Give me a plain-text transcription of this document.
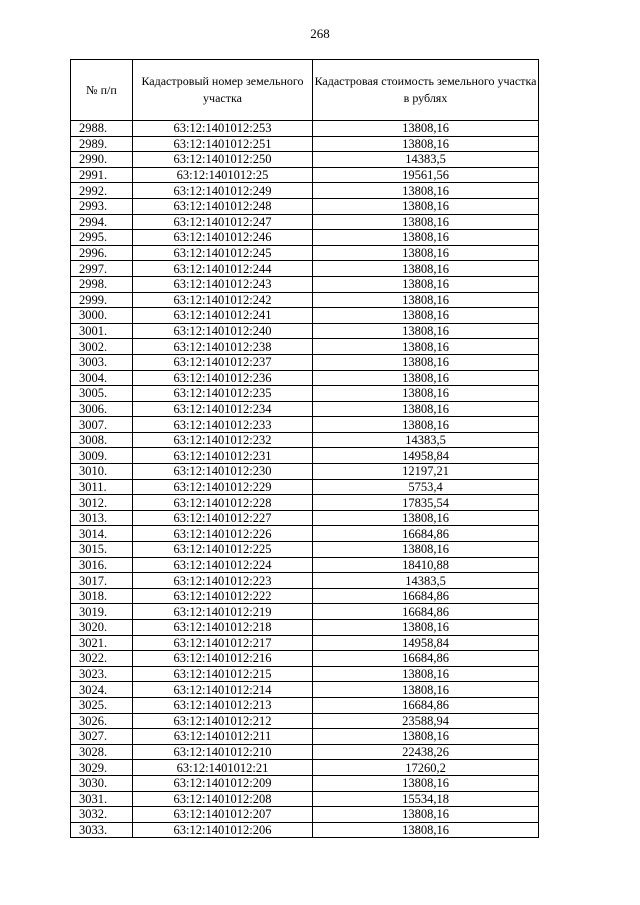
268
№ п/п	Кадастровый номер земельного участка	Кадастровая стоимость земельного участка в рублях
2988.	63:12:1401012:253	13808,16
2989.	63:12:1401012:251	13808,16
2990.	63:12:1401012:250	14383,5
2991.	63:12:1401012:25	19561,56
2992.	63:12:1401012:249	13808,16
2993.	63:12:1401012:248	13808,16
2994.	63:12:1401012:247	13808,16
2995.	63:12:1401012:246	13808,16
2996.	63:12:1401012:245	13808,16
2997.	63:12:1401012:244	13808,16
2998.	63:12:1401012:243	13808,16
2999.	63:12:1401012:242	13808,16
3000.	63:12:1401012:241	13808,16
3001.	63:12:1401012:240	13808,16
3002.	63:12:1401012:238	13808,16
3003.	63:12:1401012:237	13808,16
3004.	63:12:1401012:236	13808,16
3005.	63:12:1401012:235	13808,16
3006.	63:12:1401012:234	13808,16
3007.	63:12:1401012:233	13808,16
3008.	63:12:1401012:232	14383,5
3009.	63:12:1401012:231	14958,84
3010.	63:12:1401012:230	12197,21
3011.	63:12:1401012:229	5753,4
3012.	63:12:1401012:228	17835,54
3013.	63:12:1401012:227	13808,16
3014.	63:12:1401012:226	16684,86
3015.	63:12:1401012:225	13808,16
3016.	63:12:1401012:224	18410,88
3017.	63:12:1401012:223	14383,5
3018.	63:12:1401012:222	16684,86
3019.	63:12:1401012:219	16684,86
3020.	63:12:1401012:218	13808,16
3021.	63:12:1401012:217	14958,84
3022.	63:12:1401012:216	16684,86
3023.	63:12:1401012:215	13808,16
3024.	63:12:1401012:214	13808,16
3025.	63:12:1401012:213	16684,86
3026.	63:12:1401012:212	23588,94
3027.	63:12:1401012:211	13808,16
3028.	63:12:1401012:210	22438,26
3029.	63:12:1401012:21	17260,2
3030.	63:12:1401012:209	13808,16
3031.	63:12:1401012:208	15534,18
3032.	63:12:1401012:207	13808,16
3033.	63:12:1401012:206	13808,16
